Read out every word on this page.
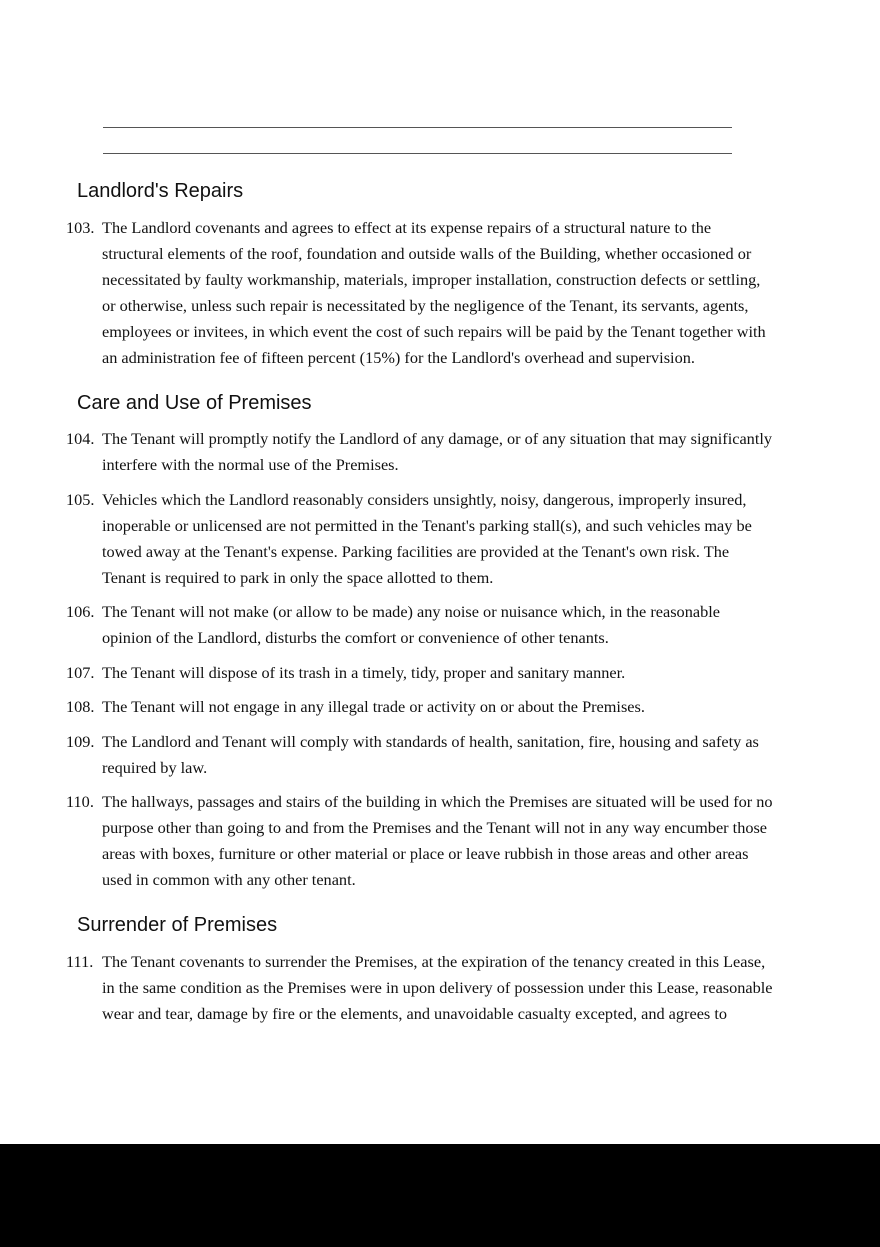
Landlord's Repairs
103. The Landlord covenants and agrees to effect at its expense repairs of a structural nature to the
structural elements of the roof, foundation and outside walls of the Building, whether occasioned or
necessitated by faulty workmanship, materials, improper installation, construction defects or settling,
or otherwise, unless such repair is necessitated by the negligence of the Tenant, its servants, agents,
employees or invitees, in which event the cost of such repairs will be paid by the Tenant together with
an administration fee of fifteen percent (15%) for the Landlord's overhead and supervision.
Care and Use of Premises
104. The Tenant will promptly notify the Landlord of any damage, or of any situation that may significantly
interfere with the normal use of the Premises.
105. Vehicles which the Landlord reasonably considers unsightly, noisy, dangerous, improperly insured,
inoperable or unlicensed are not permitted in the Tenant's parking stall(s), and such vehicles may be
towed away at the Tenant's expense. Parking facilities are provided at the Tenant's own risk. The
Tenant is required to park in only the space allotted to them.
106. The Tenant will not make (or allow to be made) any noise or nuisance which, in the reasonable
opinion of the Landlord, disturbs the comfort or convenience of other tenants.
107. The Tenant will dispose of its trash in a timely, tidy, proper and sanitary manner.
108. The Tenant will not engage in any illegal trade or activity on or about the Premises.
109. The Landlord and Tenant will comply with standards of health, sanitation, fire, housing and safety as
required by law.
110. The hallways, passages and stairs of the building in which the Premises are situated will be used for no
purpose other than going to and from the Premises and the Tenant will not in any way encumber those
areas with boxes, furniture or other material or place or leave rubbish in those areas and other areas
used in common with any other tenant.
Surrender of Premises
111. The Tenant covenants to surrender the Premises, at the expiration of the tenancy created in this Lease,
in the same condition as the Premises were in upon delivery of possession under this Lease, reasonable
wear and tear, damage by fire or the elements, and unavoidable casualty excepted, and agrees to
